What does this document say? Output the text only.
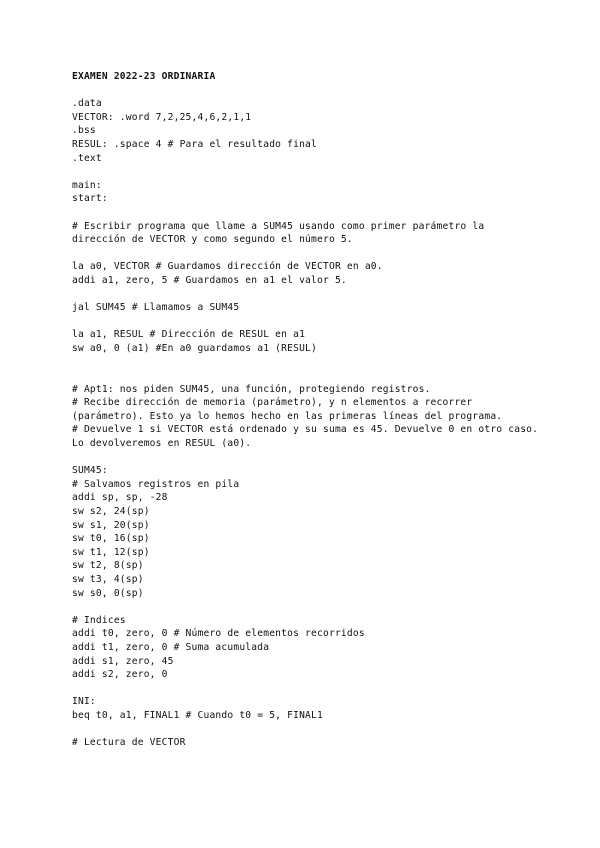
EXAMEN 2022-23 ORDINARIA
.data
VECTOR: .word 7,2,25,4,6,2,1,1
.bss
RESUL: .space 4 # Para el resultado final
.text
main:
start:
# Escribir programa que llame a SUM45 usando como primer parámetro la dirección de VECTOR y como segundo el número 5.
la a0, VECTOR # Guardamos dirección de VECTOR en a0.
addi a1, zero, 5 # Guardamos en a1 el valor 5.
jal SUM45 # Llamamos a SUM45
la a1, RESUL # Dirección de RESUL en a1
sw a0, 0 (a1) #En a0 guardamos a1 (RESUL)
# Apt1: nos piden SUM45, una función, protegiendo registros.
# Recibe dirección de memoria (parámetro), y n elementos a recorrer (parámetro). Esto ya lo hemos hecho en las primeras líneas del programa.
# Devuelve 1 si VECTOR está ordenado y su suma es 45. Devuelve 0 en otro caso. Lo devolveremos en RESUL (a0).
SUM45:
# Salvamos registros en pila
addi sp, sp, -28
sw s2, 24(sp)
sw s1, 20(sp)
sw t0, 16(sp)
sw t1, 12(sp)
sw t2, 8(sp)
sw t3, 4(sp)
sw s0, 0(sp)
# Indices
addi t0, zero, 0 # Número de elementos recorridos
addi t1, zero, 0 # Suma acumulada
addi s1, zero, 45
addi s2, zero, 0
INI:
beq t0, a1, FINAL1 # Cuando t0 = 5, FINAL1
# Lectura de VECTOR
